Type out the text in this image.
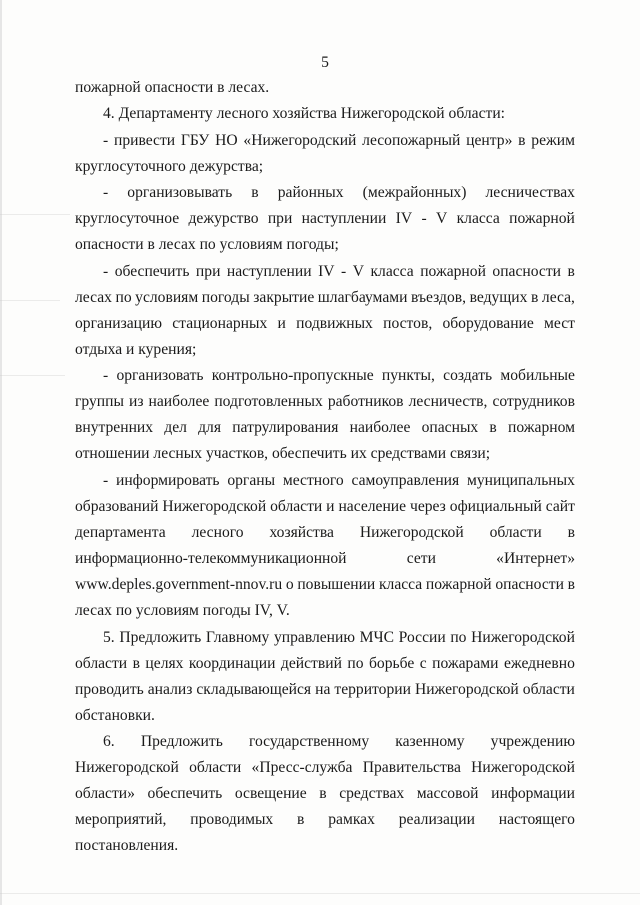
5

пожарной опасности в лесах.

4. Департаменту лесного хозяйства Нижегородской области:

- привести ГБУ НО «Нижегородский лесопожарный центр» в режим

круглосуточного дежурства;

- организовывать в районных (межрайонных) лесничествах

круглосуточное дежурство при наступлении IV - V класса пожарной

опасности в лесах по условиям погоды;

- обеспечить при наступлении IV - V класса пожарной опасности в

лесах по условиям погоды закрытие шлагбаумами въездов, ведущих в леса,

организацию стационарных и подвижных постов, оборудование мест

отдыха и курения;

- организовать контрольно-пропускные пункты, создать мобильные

группы из наиболее подготовленных работников лесничеств, сотрудников

внутренних дел для патрулирования наиболее опасных в пожарном

отношении лесных участков, обеспечить их средствами связи;

- информировать органы местного самоуправления муниципальных

образований Нижегородской области и население через официальный сайт

департамента лесного хозяйства Нижегородской области в

информационно-телекоммуникационной	сети	«Интернет»

www.deples.government-nnov.ru о повышении класса пожарной опасности в

лесах по условиям погоды IV, V.

5. Предложить Главному управлению МЧС России по Нижегородской

области в целях координации действий по борьбе с пожарами ежедневно

проводить анализ складывающейся на территории Нижегородской области

обстановки.

6. Предложить государственному казенному учреждению

Нижегородской области «Пресс-служба Правительства Нижегородской

области» обеспечить освещение в средствах массовой информации

мероприятий, проводимых в рамках реализации настоящего

постановления.
